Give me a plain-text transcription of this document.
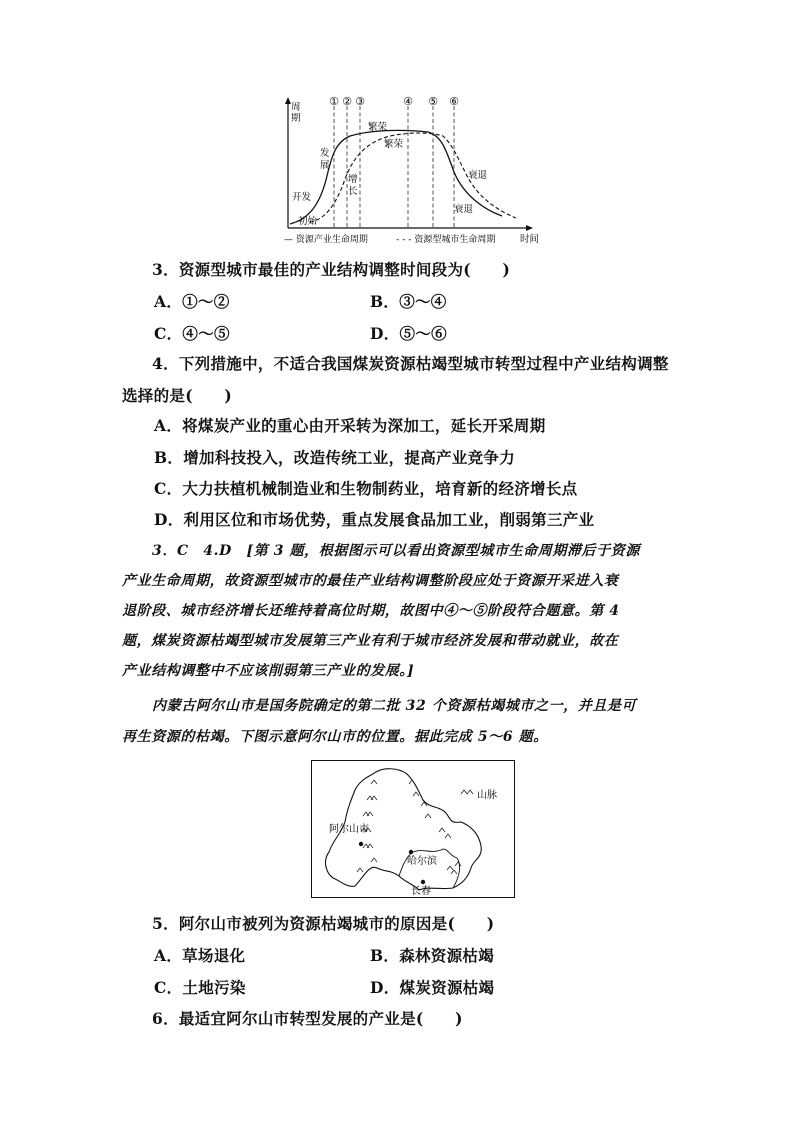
周
期
① ② ③	④ ⑤ ⑥
初始
开发
发
展
增
长
繁荣
繁荣
衰退
衰退
时间
— 资源产业生命周期	- - - 资源型城市生命周期
3．资源型城市最佳的产业结构调整时间段为(　　)
A．①～②	B．③～④
C．④～⑤	D．⑤～⑥
4．下列措施中，不适合我国煤炭资源枯竭型城市转型过程中产业结构调整
选择的是(　　)
A．将煤炭产业的重心由开采转为深加工，延长开采周期
B．增加科技投入，改造传统工业，提高产业竞争力
C．大力扶植机械制造业和生物制药业，培育新的经济增长点
D．利用区位和市场优势，重点发展食品加工业，削弱第三产业
3．C　4.D　[第 3 题，根据图示可以看出资源型城市生命周期滞后于资源
产业生命周期，故资源型城市的最佳产业结构调整阶段应处于资源开采进入衰
退阶段、城市经济增长还维持着高位时期，故图中④～⑤阶段符合题意。第 4
题，煤炭资源枯竭型城市发展第三产业有利于城市经济发展和带动就业，故在
产业结构调整中不应该削弱第三产业的发展。]
内蒙古阿尔山市是国务院确定的第二批 32 个资源枯竭城市之一，并且是可
再生资源的枯竭。下图示意阿尔山市的位置。据此完成 5～6 题。
山脉
阿尔山市
哈尔滨
长春
5．阿尔山市被列为资源枯竭城市的原因是(　　)
A．草场退化	B．森林资源枯竭
C．土地污染	D．煤炭资源枯竭
6．最适宜阿尔山市转型发展的产业是(　　)
